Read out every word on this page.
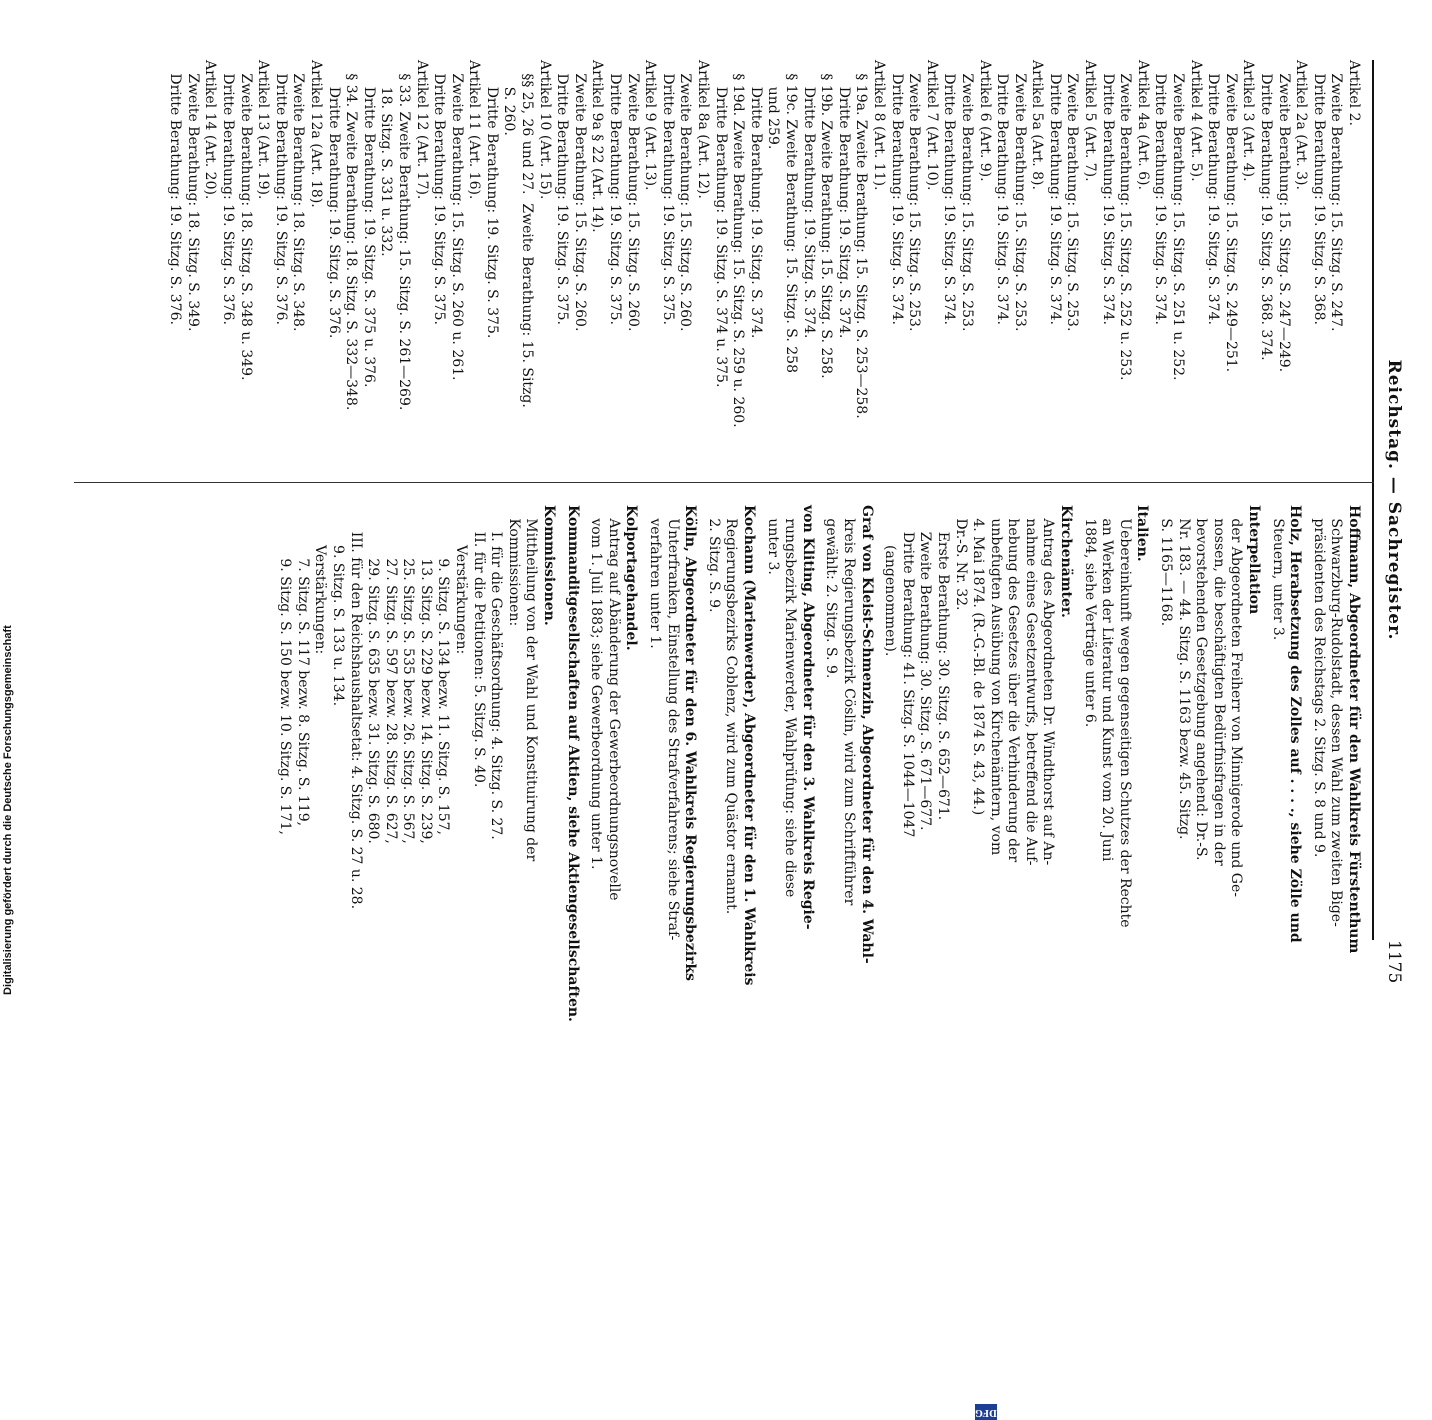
Reichstag. — Sachregister.
1175
Artikel 2.
Zweite Berathung: 15. Sitzg. S. 247.
Dritte Berathung: 19. Sitzg. S. 368.
Artikel 2a (Art. 3).
Zweite Berathung: 15. Sitzg. S. 247—249.
Dritte Berathung: 19. Sitzg. S. 368. 374.
Artikel 3 (Art. 4).
Zweite Berathung: 15. Sitzg. S. 249—251.
Dritte Berathung: 19. Sitzg. S. 374.
Artikel 4 (Art. 5).
Zweite Berathung: 15. Sitzg. S. 251 u. 252.
Dritte Berathung: 19. Sitzg. S. 374.
Artikel 4a (Art. 6).
Zweite Berathung: 15. Sitzg. S. 252 u. 253.
Dritte Berathung: 19. Sitzg. S. 374.
Artikel 5 (Art. 7).
Zweite Berathung: 15. Sitzg. S. 253.
Dritte Berathung: 19. Sitzg. S. 374.
Artikel 5a (Art. 8).
Zweite Berathung: 15. Sitzg. S. 253.
Dritte Berathung: 19. Sitzg. S. 374.
Artikel 6 (Art. 9).
Zweite Berathung: 15. Sitzg. S. 253.
Dritte Berathung: 19. Sitzg. S. 374.
Artikel 7 (Art. 10).
Zweite Berathung: 15. Sitzg. S. 253.
Dritte Berathung: 19. Sitzg. S. 374.
Artikel 8 (Art. 11).
§ 19a. Zweite Berathung: 15. Sitzg. S. 253—258.
Dritte Berathung: 19. Sitzg. S. 374.
§ 19b. Zweite Berathung: 15. Sitzg. S. 258.
Dritte Berathung: 19. Sitzg. S. 374.
§ 19c. Zweite Berathung: 15. Sitzg. S. 258
und 259.
Dritte Berathung: 19. Sitzg. S. 374.
§ 19d. Zweite Berathung: 15. Sitzg. S. 259 u. 260.
Dritte Berathung: 19. Sitzg. S. 374 u. 375.
Artikel 8a (Art. 12).
Zweite Berathung: 15. Sitzg. S. 260.
Dritte Berathung: 19. Sitzg. S. 375.
Artikel 9 (Art. 13).
Zweite Berathung: 15. Sitzg. S. 260.
Dritte Berathung: 19. Sitzg. S. 375.
Artikel 9a § 22 (Art. 14).
Zweite Berathung: 15. Sitzg. S. 260.
Dritte Berathung: 19. Sitzg. S. 375.
Artikel 10 (Art. 15).
§§ 25, 26 und 27.  Zweite Berathung: 15. Sitzg.
S. 260.
Dritte Berathung: 19. Sitzg. S. 375.
Artikel 11 (Art. 16).
Zweite Berathung: 15. Sitzg. S. 260 u. 261.
Dritte Berathung: 19. Sitzg. S. 375.
Artikel 12 (Art. 17).
§ 33. Zweite Berathung: 15. Sitzg. S. 261—269.
18. Sitzg. S. 331 u. 332.
Dritte Berathung: 19. Sitzg. S. 375 u. 376.
§ 34. Zweite Berathung: 18. Sitzg. S. 332—348.
Dritte Berathung: 19. Sitzg. S. 376.
Artikel 12a (Art. 18).
Zweite Berathung: 18. Sitzg. S. 348.
Dritte Berathung: 19. Sitzg. S. 376.
Artikel 13 (Art. 19).
Zweite Berathung: 18. Sitzg. S. 348 u. 349.
Dritte Berathung: 19. Sitzg. S. 376.
Artikel 14 (Art. 20).
Zweite Berathung: 18. Sitzg. S. 349.
Dritte Berathung: 19. Sitzg. S. 376.
Hoffmann, Abgeordneter für den Wahlkreis Fürstenthum
Schwarzburg-Rudolstadt, dessen Wahl zum zweiten Bige-
präsidenten des Reichstags 2. Sitzg. S. 8 und 9.
Holz, Herabsetzung des Zolles auf . . . ., siehe Zölle und
Steuern, unter 3.
Interpellation
der Abgeordneten Freiherr von Minnigerode und Ge-
nossen, die beschäftigten Bedürfnisfragen in der
bevorstehenden Gesetzgebung angehend: Dr.-S.
Nr. 183. — 44. Sitzg. S. 1163 bezw. 45. Sitzg.
S. 1165—1168.
Italien.
Uebereinkunft wegen gegenseitigen Schutzes der Rechte
an Werken der Literatur und Kunst vom 20. Juni
1884, siehe Verträge unter 6.
Kirchenämter.
Antrag des Abgeordneten Dr. Windthorst auf An-
nahme eines Gesetzentwurfs, betreffend die Auf-
hebung des Gesetzes über die Verhinderung der
unbefugten Ausübung von Kirchenämtern, vom
4. Mai 1874. (R.-G.-Bl. de 1874 S. 43, 44.)
Dr.-S. Nr. 32.
Erste Berathung: 30. Sitzg. S. 652—671.
Zweite Berathung: 30. Sitzg. S. 671—677.
Dritte Berathung: 41. Sitzg. S. 1044—1047
(angenommen).
Graf von Kleist-Schmenzin, Abgeordneter für den 4. Wahl-
kreis Regierungsbezirk Cöslin, wird zum Schriftführer
gewählt: 2. Sitzg. S. 9.
von Kliting, Abgeordneter für den 3. Wahlkreis Regie-
rungsbezirk Marienwerder, Wahlprüfung: siehe diese
unter 3.
Kochann (Marienwerder), Abgeordneter für den 1. Wahlkreis
Regierungsbezirks Coblenz, wird zum Quästor ernannt.
2. Sitzg. S. 9.
Kölln, Abgeordneter für den 6. Wahlkreis Regierungsbezirks
Unterfranken, Einstellung des Strafverfahrens; siehe Straf-
verfahren unter 1.
Kolportagehandel.
Antrag auf Abänderung der Gewerbeordnungsnovelle
vom 1. Juli 1883; siehe Gewerbeordnung unter 1.
Kommanditgesellschaften auf Aktien, siehe Aktiengesellschaften.
Kommissionen.
Mittheilung von der Wahl und Konstituirung der
Kommissionen:
I. für die Geschäftsordnung: 4. Sitzg. S. 27.
II. für die Petitionen: 5. Sitzg. S. 40.
Verstärkungen:
9. Sitzg. S. 134 bezw. 11. Sitzg. S. 157,
13. Sitzg. S. 229 bezw. 14. Sitzg. S. 239,
25. Sitzg. S. 535 bezw. 26. Sitzg. S. 567,
27. Sitzg. S. 597 bezw. 28. Sitzg. S. 627,
29. Sitzg. S. 635 bezw. 31. Sitzg. S. 680.
III. für den Reichshaushaltsetat: 4. Sitzg. S. 27 u. 28.
9. Sitzg. S. 133 u. 134.
Verstärkungen:
7. Sitzg. S. 117 bezw. 8. Sitzg. S. 119,
9. Sitzg. S. 150 bezw. 10. Sitzg. S. 171,
DFG
Digitalisierung gefördert durch die Deutsche Forschungsgemeinschaft
